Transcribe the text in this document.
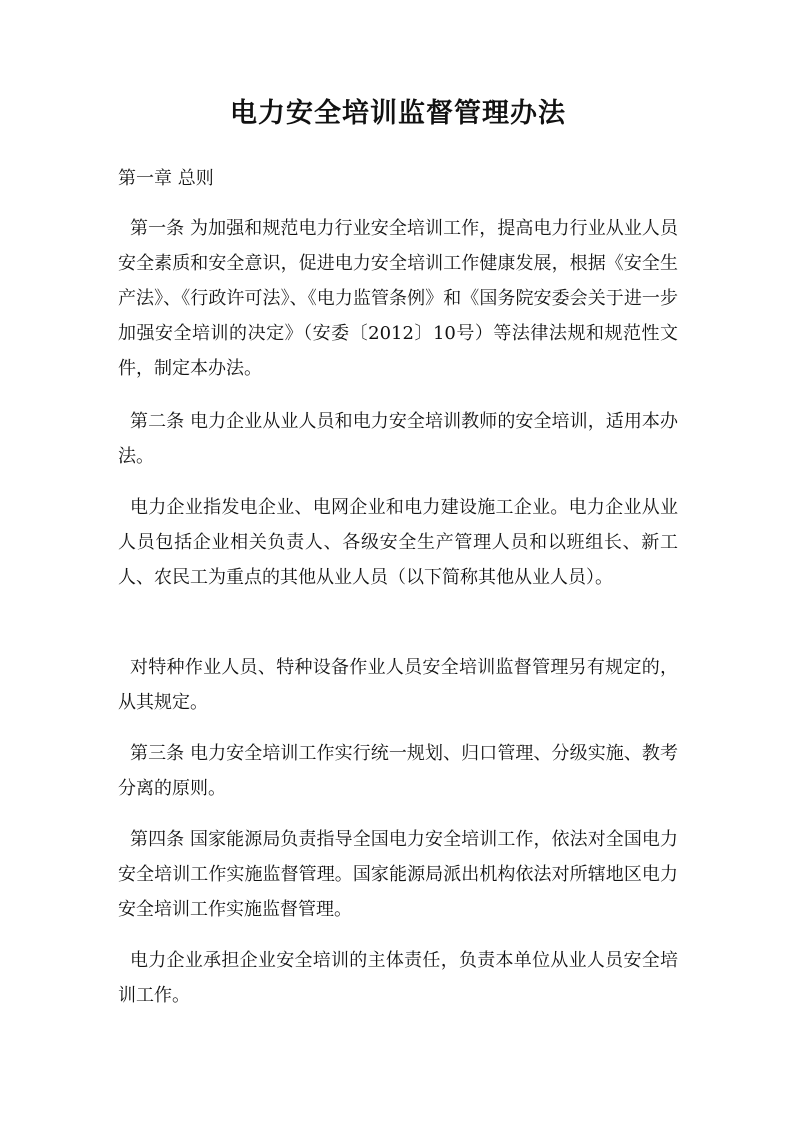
电力安全培训监督管理办法

第一章 总则

第一条 为加强和规范电力行业安全培训工作，提高电力行业从业人员安全素质和安全意识，促进电力安全培训工作健康发展，根据《安全生产法》、《行政许可法》、《电力监管条例》和《国务院安委会关于进一步加强安全培训的决定》（安委〔2012〕10号）等法律法规和规范性文件，制定本办法。

第二条 电力企业从业人员和电力安全培训教师的安全培训，适用本办法。

电力企业指发电企业、电网企业和电力建设施工企业。电力企业从业人员包括企业相关负责人、各级安全生产管理人员和以班组长、新工人、农民工为重点的其他从业人员（以下简称其他从业人员）。

对特种作业人员、特种设备作业人员安全培训监督管理另有规定的，从其规定。

第三条 电力安全培训工作实行统一规划、归口管理、分级实施、教考分离的原则。

第四条 国家能源局负责指导全国电力安全培训工作，依法对全国电力安全培训工作实施监督管理。国家能源局派出机构依法对所辖地区电力安全培训工作实施监督管理。

电力企业承担企业安全培训的主体责任，负责本单位从业人员安全培训工作。
